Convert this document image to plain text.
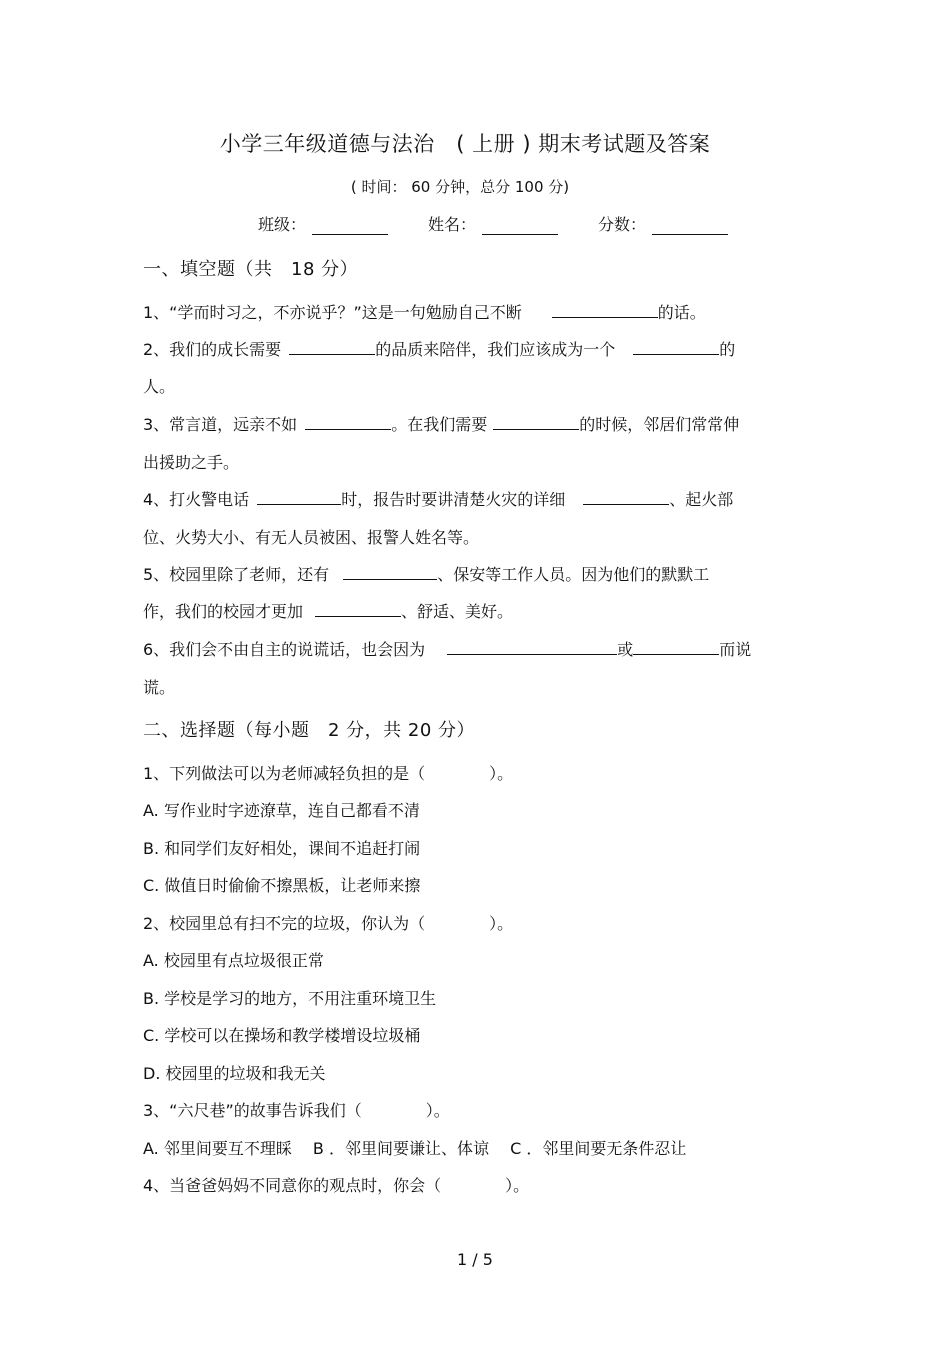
小学三年级道德与法治　( 上册 ) 期末考试题及答案
( 时间： 60 分钟，总分 100 分)
班级：	姓名：	分数：
一、填空题（共　18 分）
1、“学而时习之，不亦说乎？”这是一句勉励自己不断	的话。
2、我们的成长需要	的品质来陪伴，我们应该成为一个	的
人。
3、常言道，远亲不如	。在我们需要	的时候，邻居们常常伸
出援助之手。
4、打火警电话	时，报告时要讲清楚火灾的详细	、起火部
位、火势大小、有无人员被困、报警人姓名等。
5、校园里除了老师，还有	、保安等工作人员。因为他们的默默工
作，我们的校园才更加	、舒适、美好。
6、我们会不由自主的说谎话，也会因为	或	而说
谎。
二、选择题（每小题　2 分，共 20 分）
1、下列做法可以为老师减轻负担的是（　　　　）。
A. 写作业时字迹潦草，连自己都看不清
B. 和同学们友好相处，课间不追赶打闹
C. 做值日时偷偷不擦黑板，让老师来擦
2、校园里总有扫不完的垃圾，你认为（　　　　）。
A. 校园里有点垃圾很正常
B. 学校是学习的地方，不用注重环境卫生
C. 学校可以在操场和教学楼增设垃圾桶
D. 校园里的垃圾和我无关
3、“六尺巷”的故事告诉我们（　　　　）。
A. 邻里间要互不理睬　 B ．邻里间要谦让、体谅　 C ．邻里间要无条件忍让
4、当爸爸妈妈不同意你的观点时，你会（　　　　）。
1 / 5
